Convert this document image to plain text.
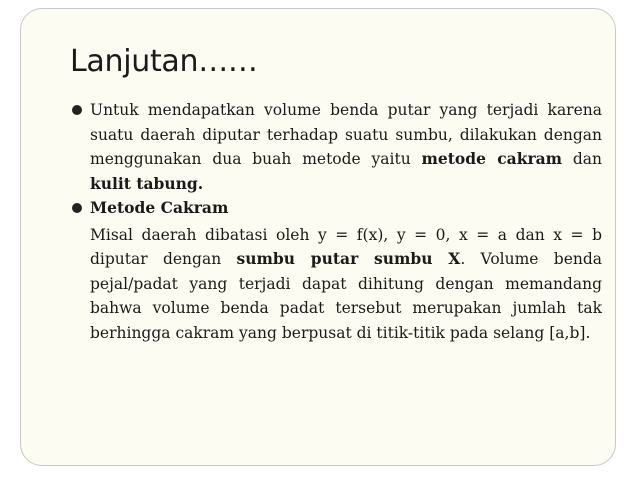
Lanjutan……
Untuk mendapatkan volume benda putar yang terjadi karena suatu daerah diputar terhadap suatu sumbu, dilakukan dengan menggunakan dua buah metode yaitu metode cakram dan kulit tabung.
Metode Cakram
Misal daerah dibatasi oleh y = f(x), y = 0, x = a dan x = b diputar dengan sumbu putar sumbu X. Volume benda pejal/padat yang terjadi dapat dihitung dengan memandang bahwa volume benda padat tersebut merupakan jumlah tak berhingga cakram yang berpusat di titik-titik pada selang [a,b].
